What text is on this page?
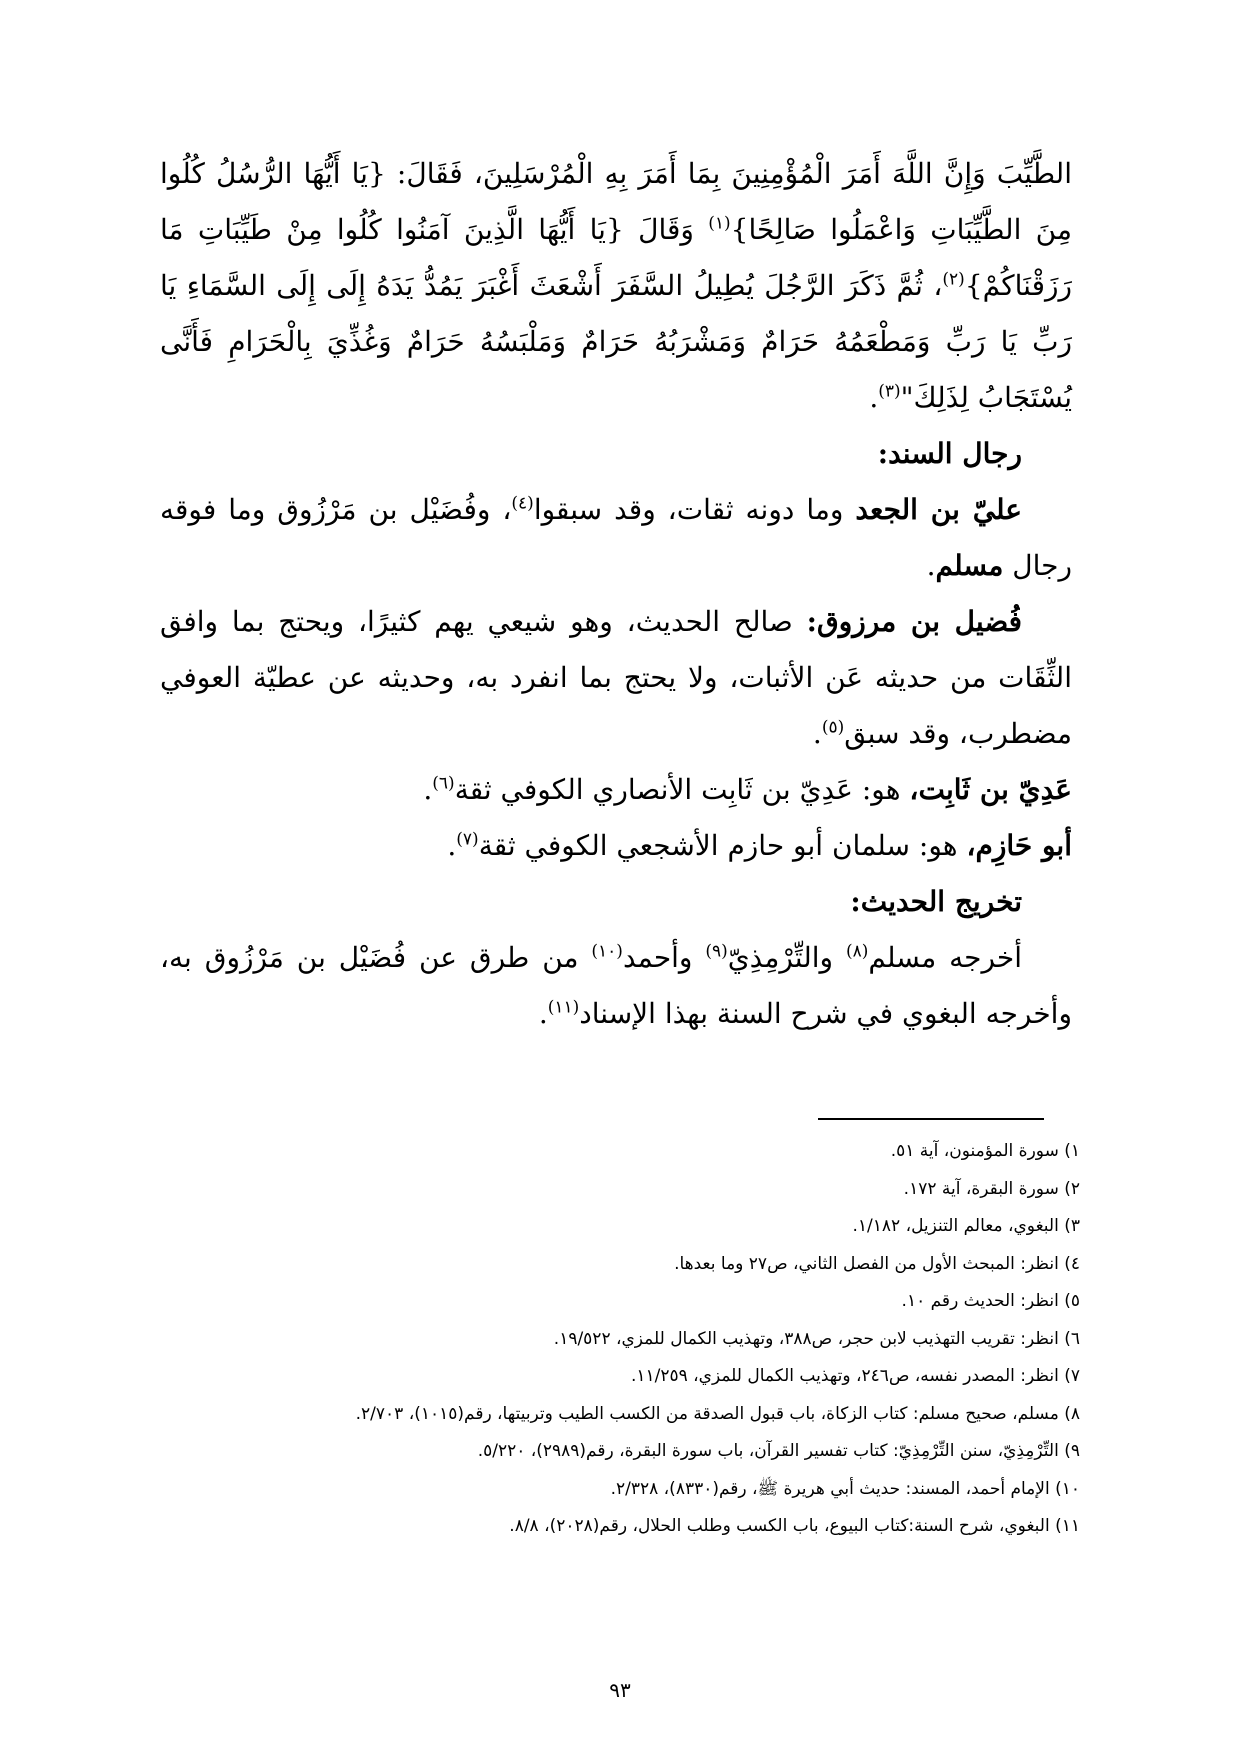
الطَّيِّبَ وَإِنَّ اللَّهَ أَمَرَ الْمُؤْمِنِينَ بِمَا أَمَرَ بِهِ الْمُرْسَلِينَ، فَقَالَ: {يَا أَيُّهَا الرُّسُلُ كُلُوا مِنَ الطَّيِّبَاتِ وَاعْمَلُوا صَالِحًا}$^{(١)}$ وَقَالَ {يَا أَيُّهَا الَّذِينَ آمَنُوا كُلُوا مِنْ طَيِّبَاتِ مَا رَزَقْنَاكُمْ}$^{(٢)}$، ثُمَّ ذَكَرَ الرَّجُلَ يُطِيلُ السَّفَرَ أَشْعَثَ أَغْبَرَ يَمُدُّ يَدَهُ إِلَى إِلَى السَّمَاءِ يَا رَبِّ يَا رَبِّ وَمَطْعَمُهُ حَرَامٌ وَمَشْرَبُهُ حَرَامٌ وَمَلْبَسُهُ حَرَامٌ وَغُذِّيَ بِالْحَرَامِ فَأَنَّى يُسْتَجَابُ لِذَلِكَ"$^{(٣)}$.

رجال السند:

عليّ بن الجعد وما دونه ثقات، وقد سبقوا$^{(٤)}$، وفُضَيْل بن مَرْزُوق وما فوقه رجال مسلم.

فُضيل بن مرزوق: صالح الحديث، وهو شيعي يهم كثيرًا، ويحتج بما وافق الثِّقَات من حديثه عَن الأثبات، ولا يحتج بما انفرد به، وحديثه عن عطيّة العوفي مضطرب، وقد سبق$^{(٥)}$.

عَدِيّ بن ثَابِت، هو: عَدِيّ بن ثَابِت الأنصاري الكوفي ثقة$^{(٦)}$.

أبو حَازِم، هو: سلمان أبو حازم الأشجعي الكوفي ثقة$^{(٧)}$.

تخريج الحديث:

أخرجه مسلم$^{(٨)}$ والتِّرْمِذِيّ$^{(٩)}$ وأحمد$^{(١٠)}$ من طرق عن فُضَيْل بن مَرْزُوق به، وأخرجه البغوي في شرح السنة بهذا الإسناد$^{(١١)}$.

١) سورة المؤمنون، آية ٥١.
٢) سورة البقرة، آية ١٧٢.
٣) البغوي، معالم التنزيل، ١/١٨٢.
٤) انظر: المبحث الأول من الفصل الثاني، ص٢٧ وما بعدها.
٥) انظر: الحديث رقم ١٠.
٦) انظر: تقريب التهذيب لابن حجر، ص٣٨٨، وتهذيب الكمال للمزي، ١٩/٥٢٢.
٧) انظر: المصدر نفسه، ص٢٤٦، وتهذيب الكمال للمزي، ١١/٢٥٩.
٨) مسلم، صحيح مسلم: كتاب الزكاة، باب قبول الصدقة من الكسب الطيب وتربيتها، رقم(١٠١٥)، ٢/٧٠٣.
٩) التِّرْمِذِيّ، سنن التِّرْمِذِيّ: كتاب تفسير القرآن، باب سورة البقرة، رقم(٢٩٨٩)، ٥/٢٢٠.
١٠) الإمام أحمد، المسند: حديث أبي هريرة ﷺ، رقم(٨٣٣٠)، ٢/٣٢٨.
١١) البغوي، شرح السنة:كتاب البيوع، باب الكسب وطلب الحلال، رقم(٢٠٢٨)، ٨/٨.
٩٣
